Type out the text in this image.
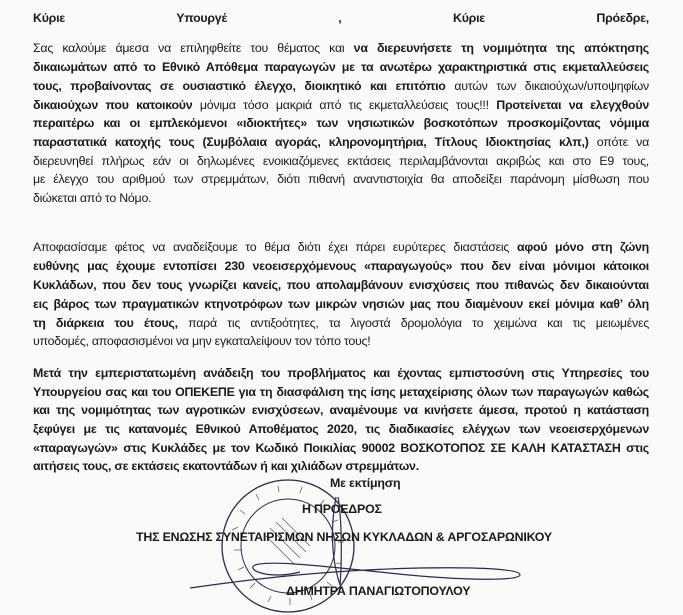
Κύριε Υπουργέ , Κύριε Πρόεδρε,
Σας καλούμε άμεσα να επιληφθείτε του θέματος και να διερευνήσετε τη νομιμότητα της απόκτησης
δικαιωμάτων από το Εθνικό Απόθεμα παραγωγών με τα ανωτέρω χαρακτηριστικά στις εκμεταλλεύσεις
τους, προβαίνοντας σε ουσιαστικό έλεγχο, διοικητικό και επιτόπιο αυτών των δικαιούχων/υποψηφίων
δικαιούχων που κατοικούν μόνιμα τόσο μακριά από τις εκμεταλλεύσεις τους!!! Προτείνεται να ελεγχθούν
περαιτέρω και οι εμπλεκόμενοι «ιδιοκτήτες» των νησιωτικών βοσκοτόπων προσκομίζοντας νόμιμα
παραστατικά κατοχής τους (Συμβόλαια αγοράς, κληρονομητήρια, Τίτλους Ιδιοκτησίας κλπ,) οπότε να
διερευνηθεί πλήρως εάν οι δηλωμένες ενοικιαζόμενες εκτάσεις περιλαμβάνονται ακριβώς και στο Ε9 τους,
με έλεγχο του αριθμού των στρεμμάτων, διότι πιθανή αναντιστοιχία θα αποδείξει παράνομη μίσθωση που
διώκεται από το Νόμο.
Αποφασίσαμε φέτος να αναδείξουμε το θέμα διότι έχει πάρει ευρύτερες διαστάσεις αφού μόνο στη ζώνη
ευθύνης μας έχουμε εντοπίσει 230 νεοεισερχόμενους «παραγωγούς» που δεν είναι μόνιμοι κάτοικοι
Κυκλάδων, που δεν τους γνωρίζει κανείς, που απολαμβάνουν ενισχύσεις που πιθανώς δεν δικαιούνται
εις βάρος των πραγματικών κτηνοτρόφων των μικρών νησιών μας που διαμένουν εκεί μόνιμα καθ’ όλη
τη διάρκεια του έτους, παρά τις αντιξοότητες, τα λιγοστά δρομολόγια το χειμώνα και τις μειωμένες
υποδομές, αποφασισμένοι να μην εγκαταλείψουν τον τόπο τους!
Μετά την εμπεριστατωμένη ανάδειξη του προβλήματος και έχοντας εμπιστοσύνη στις Υπηρεσίες του
Υπουργείου σας και του ΟΠΕΚΕΠΕ για τη διασφάλιση της ίσης μεταχείρισης όλων των παραγωγών καθώς
και της νομιμότητας των αγροτικών ενισχύσεων, αναμένουμε να κινήσετε άμεσα, προτού η κατάσταση
ξεφύγει με τις κατανομές Εθνικού Αποθέματος 2020, τις διαδικασίες ελέγχων των νεοεισερχόμενων
«παραγωγών» στις Κυκλάδες με τον Κωδικό Ποικιλίας 90002 ΒΟΣΚΟΤΟΠΟΣ ΣΕ ΚΑΛΗ ΚΑΤΑΣΤΑΣΗ στις
αιτήσεις τους, σε εκτάσεις εκατοντάδων ή και χιλιάδων στρεμμάτων.
Με εκτίμηση
Η ΠΡΟΕΔΡΟΣ
ΤΗΣ ΕΝΩΣΗΣ ΣΥΝΕΤΑΙΡΙΣΜΩΝ ΝΗΣΩΝ ΚΥΚΛΑΔΩΝ & ΑΡΓΟΣΑΡΩΝΙΚΟΥ
ΔΗΜΗΤΡΑ ΠΑΝΑΓΙΩΤΟΠΟΥΛΟΥ
